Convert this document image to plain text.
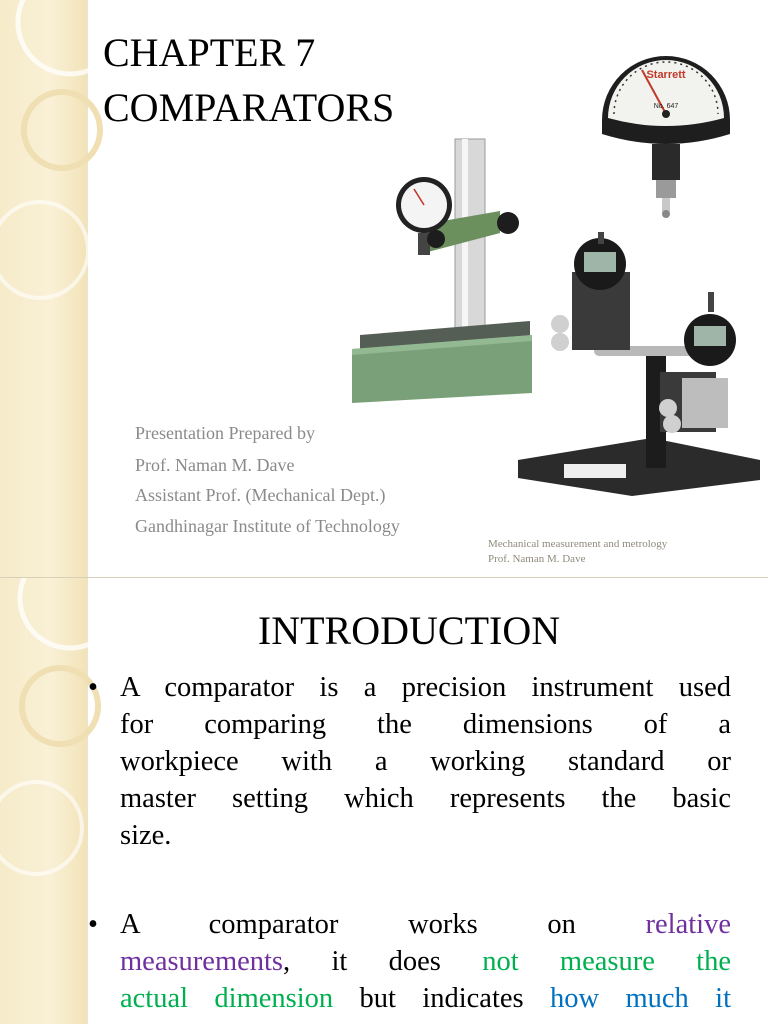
CHAPTER 7
COMPARATORS
Starrett
No. 647
Presentation Prepared by
Prof. Naman M. Dave
Assistant Prof. (Mechanical Dept.)
Gandhinagar Institute of Technology
Mechanical measurement and metrology
Prof. Naman M. Dave
INTRODUCTION
• A comparator is a precision instrument used
for comparing the dimensions of a
workpiece with a working standard or
master setting which represents the basic
size.
• A comparator works on relative
measurements, it does not measure the
actual dimension but indicates how much it
